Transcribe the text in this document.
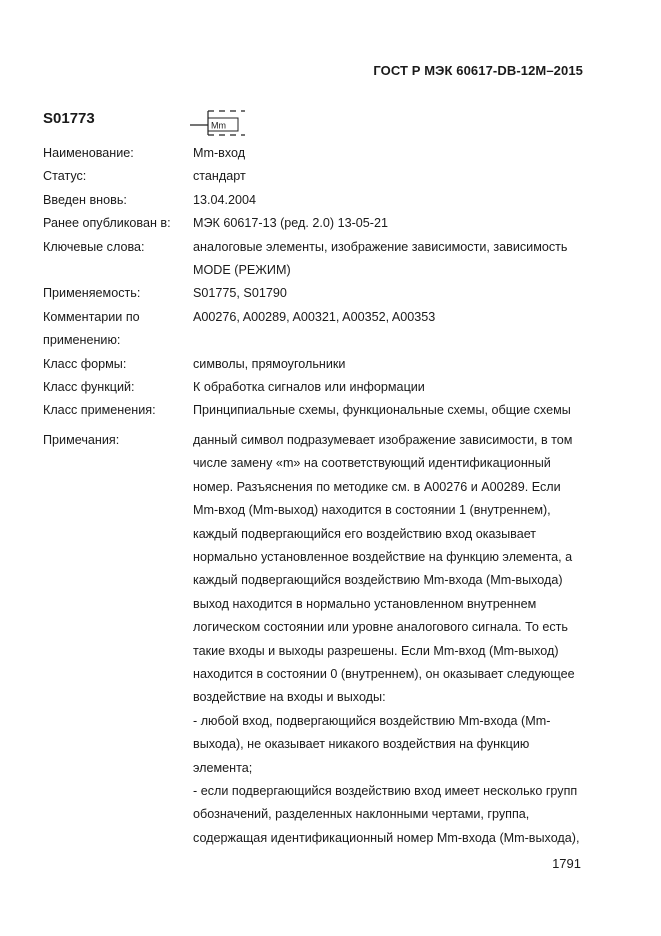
ГОСТ Р МЭК 60617-DB-12M–2015
S01773	Mm
Наименование:	Mm-вход
Статус:	стандарт
Введен вновь:	13.04.2004
Ранее опубликован в:	МЭК 60617-13 (ред. 2.0) 13-05-21
Ключевые слова:	аналоговые элементы, изображение зависимости, зависимость
MODE (РЕЖИМ)
Применяемость:	S01775, S01790
Комментарии по
применению:
A00276, A00289, A00321, A00352, A00353
Класс формы:	символы, прямоугольники
Класс функций:	К обработка сигналов или информации
Класс применения:	Принципиальные схемы, функциональные схемы, общие схемы
Примечания:	данный символ подразумевает изображение зависимости, в том
числе замену «m» на соответствующий идентификационный
номер. Разъяснения по методике см. в A00276 и A00289. Если
Mm-вход (Mm-выход) находится в состоянии 1 (внутреннем),
каждый подвергающийся его воздействию вход оказывает
нормально установленное воздействие на функцию элемента, а
каждый подвергающийся воздействию Mm-входа (Mm-выхода)
выход находится в нормально установленном внутреннем
логическом состоянии или уровне аналогового сигнала. То есть
такие входы и выходы разрешены. Если Mm-вход (Mm-выход)
находится в состоянии 0 (внутреннем), он оказывает следующее
воздействие на входы и выходы:
- любой вход, подвергающийся воздействию Mm-входа (Mm-
выхода), не оказывает никакого воздействия на функцию
элемента;
- если подвергающийся воздействию вход имеет несколько групп
обозначений, разделенных наклонными чертами, группа,
содержащая идентификационный номер Mm-входа (Mm-выхода),
1791
